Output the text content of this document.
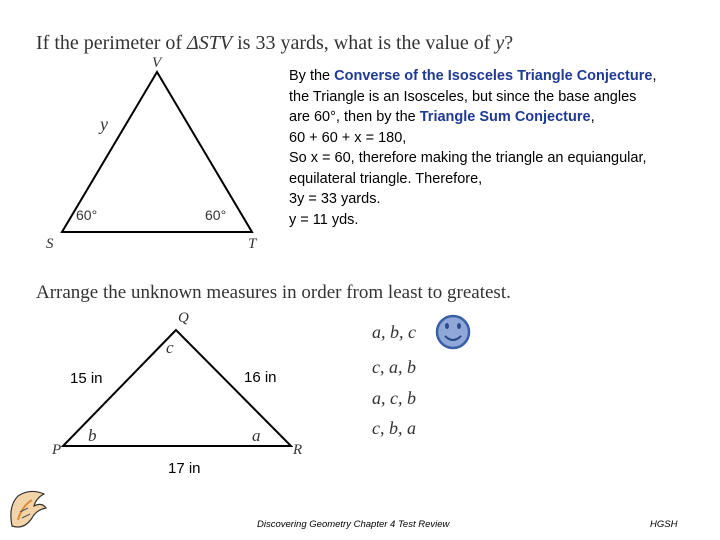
If the perimeter of ΔSTV is 33 yards, what is the value of y?
V
S	T
y
60°	60°
By the Converse of the Isosceles Triangle Conjecture,
the Triangle is an Isosceles, but since the base angles
are 60°, then by the Triangle Sum Conjecture,
60 + 60 + x = 180,
So x = 60, therefore making the triangle an equiangular,
equilateral triangle. Therefore,
3y = 33 yards.
y = 11 yds.
Arrange the unknown measures in order from least to greatest.
Q
P	R
c
b	a
15 in	16 in
17 in
a, b, c
c, a, b
a, c, b
c, b, a
Discovering Geometry Chapter 4 Test Review	HGSH
